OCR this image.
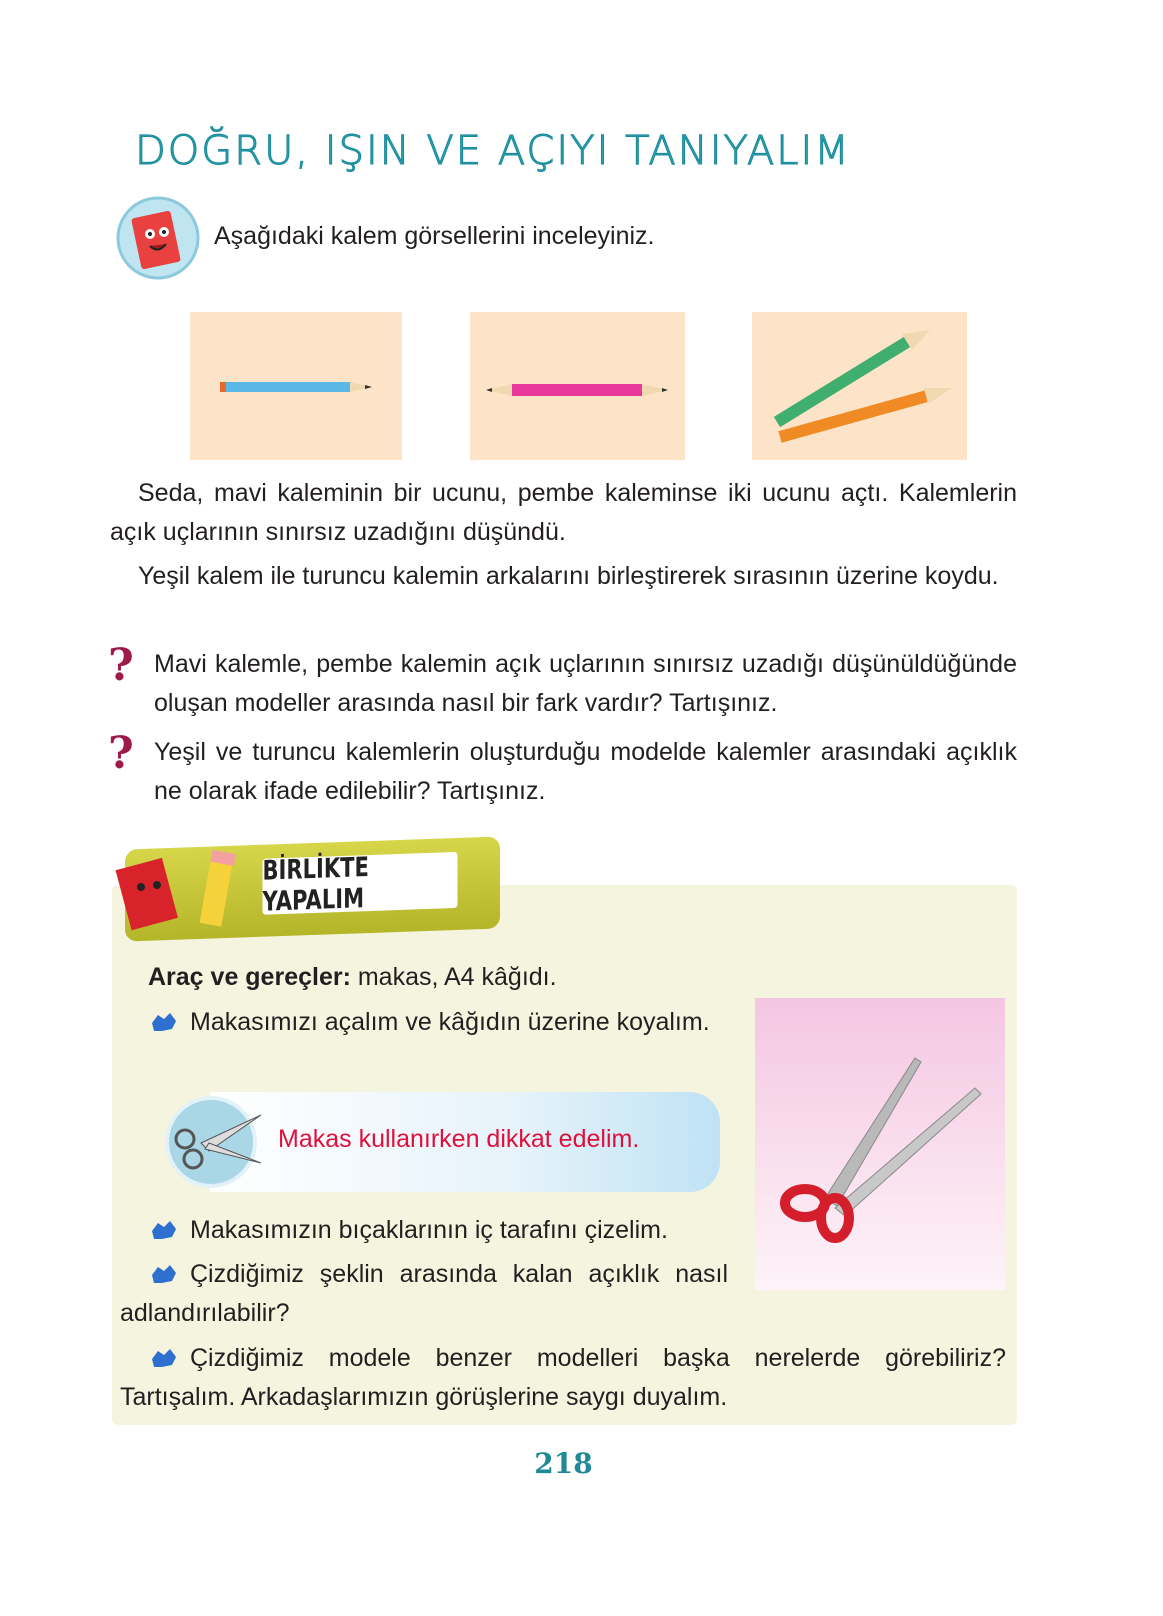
DOĞRU, IŞIN VE AÇIYI TANIYALIM
Aşağıdaki kalem görsellerini inceleyiniz.
Seda, mavi kaleminin bir ucunu, pembe kaleminse iki ucunu açtı. Kalemlerin açık uçlarının sınırsız uzadığını düşündü.
Yeşil kalem ile turuncu kalemin arkalarını birleştirerek sırasının üzerine koydu.
? Mavi kalemle, pembe kalemin açık uçlarının sınırsız uzadığı düşünüldüğünde oluşan modeller arasında nasıl bir fark vardır? Tartışınız.
? Yeşil ve turuncu kalemlerin oluşturduğu modelde kalemler arasındaki açıklık ne olarak ifade edilebilir? Tartışınız.
BİRLİKTE YAPALIM
Araç ve gereçler: makas, A4 kâğıdı.
Makasımızı açalım ve kâğıdın üzerine koyalım.
Makas kullanırken dikkat edelim.
Makasımızın bıçaklarının iç tarafını çizelim.
Çizdiğimiz şeklin arasında kalan açıklık nasıl adlandırılabilir?
Çizdiğimiz modele benzer modelleri başka nerelerde görebiliriz? Tartışalım. Arkadaşlarımızın görüşlerine saygı duyalım.
218
